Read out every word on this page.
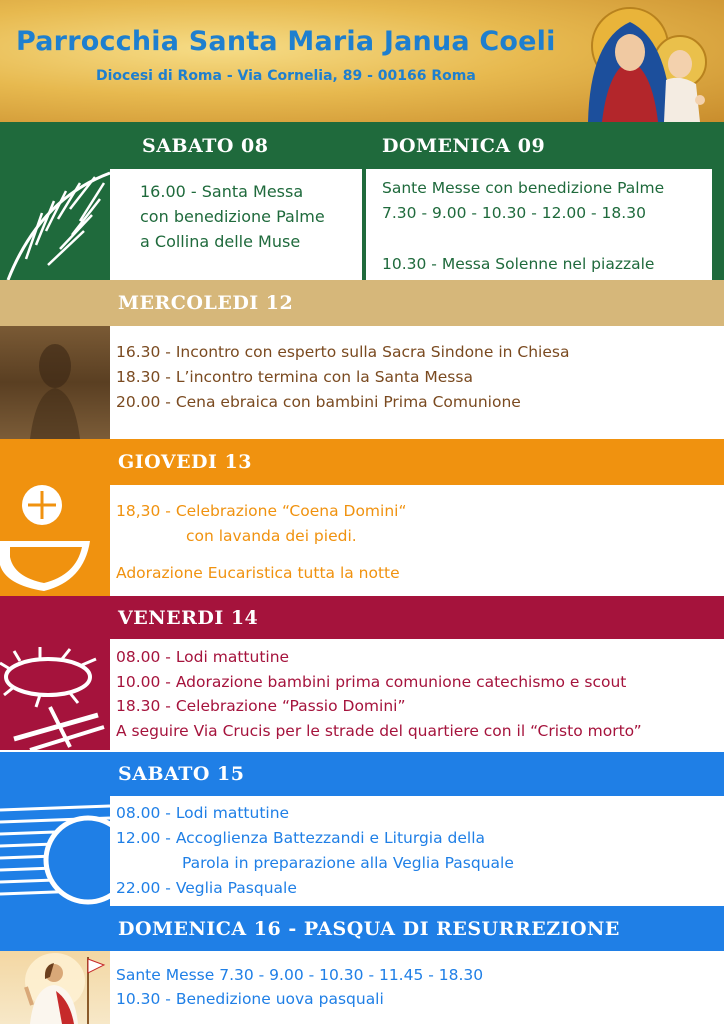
Parrocchia Santa Maria Janua Coeli
Diocesi di Roma - Via Cornelia, 89 - 00166 Roma
SABATO 08	DOMENICA 09
16.00 - Santa Messa
con benedizione Palme
a Collina delle Muse
Sante Messe con benedizione Palme
7.30 - 9.00 - 10.30 - 12.00 - 18.30
10.30 - Messa Solenne nel piazzale
MERCOLEDI 12
16.30 - Incontro con esperto sulla Sacra Sindone in Chiesa
18.30 - L’incontro termina con la Santa Messa
20.00 - Cena ebraica con bambini Prima Comunione
GIOVEDI 13
18,30 - Celebrazione “Coena Domini“
con lavanda dei piedi.
Adorazione Eucaristica tutta la notte
VENERDI 14
08.00 - Lodi mattutine
10.00 - Adorazione bambini prima comunione catechismo e scout
18.30 - Celebrazione “Passio Domini”
A seguire Via Crucis per le strade del quartiere con il “Cristo morto”
SABATO 15
08.00 - Lodi mattutine
12.00 - Accoglienza Battezzandi e Liturgia della
Parola in preparazione alla Veglia Pasquale
22.00 - Veglia Pasquale
DOMENICA 16 - PASQUA DI RESURREZIONE
Sante Messe 7.30 - 9.00 - 10.30 - 11.45 - 18.30
10.30 - Benedizione uova pasquali
